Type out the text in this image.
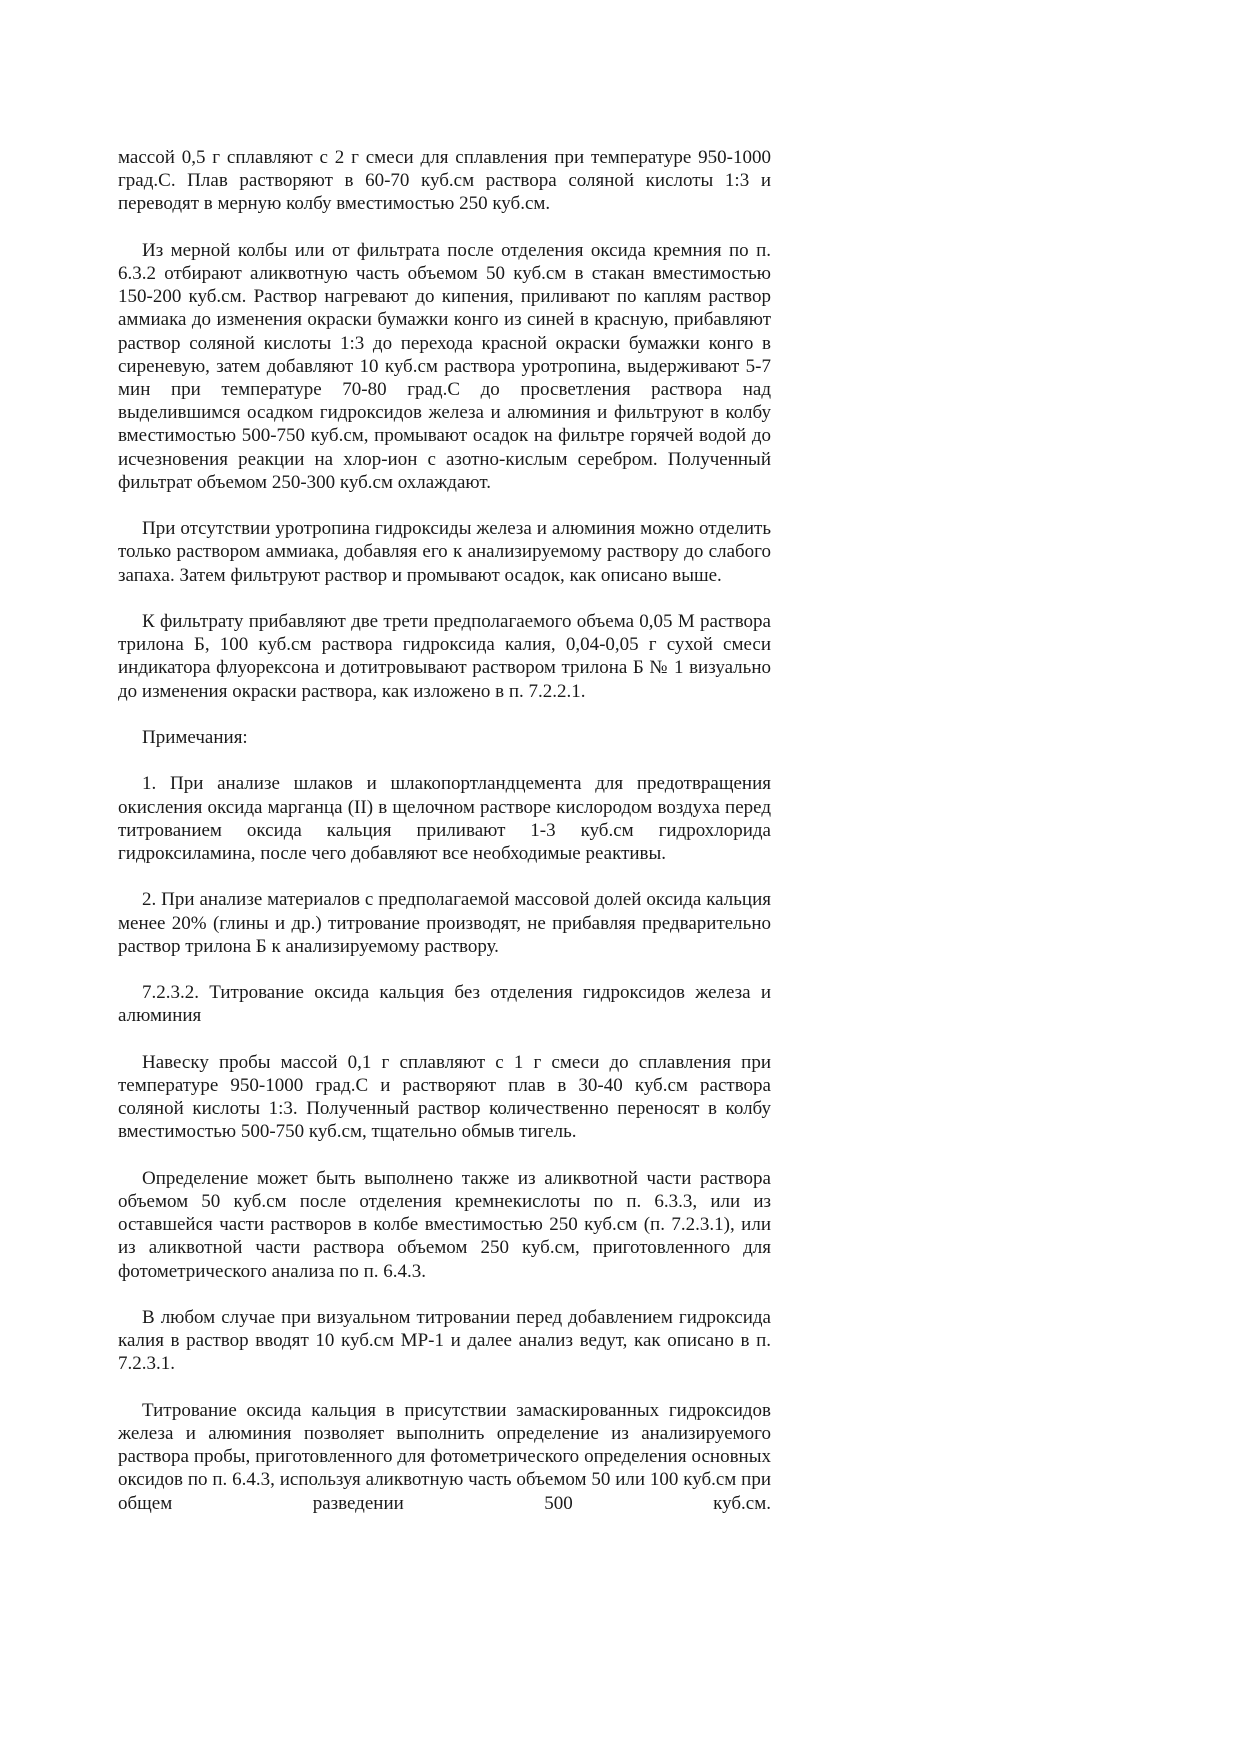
массой 0,5 г сплавляют с 2 г смеси для сплавления при температуре 950-1000 град.С. Плав растворяют в 60-70 куб.см раствора соляной кислоты 1:3 и переводят в мерную колбу вместимостью 250 куб.см.

Из мерной колбы или от фильтрата после отделения оксида кремния по п. 6.3.2 отбирают аликвотную часть объемом 50 куб.см в стакан вместимостью 150-200 куб.см. Раствор нагревают до кипения, приливают по каплям раствор аммиака до изменения окраски бумажки конго из синей в красную, прибавляют раствор соляной кислоты 1:3 до перехода красной окраски бумажки конго в сиреневую, затем добавляют 10 куб.см раствора уротропина, выдерживают 5-7 мин при температуре 70-80 град.С до просветления раствора над выделившимся осадком гидроксидов железа и алюминия и фильтруют в колбу вместимостью 500-750 куб.см, промывают осадок на фильтре горячей водой до исчезновения реакции на хлор-ион с азотно-кислым серебром. Полученный фильтрат объемом 250-300 куб.см охлаждают.

При отсутствии уротропина гидроксиды железа и алюминия можно отделить только раствором аммиака, добавляя его к анализируемому раствору до слабого запаха. Затем фильтруют раствор и промывают осадок, как описано выше.

К фильтрату прибавляют две трети предполагаемого объема 0,05 М раствора трилона Б, 100 куб.см раствора гидроксида калия, 0,04-0,05 г сухой смеси индикатора флуорексона и дотитровывают раствором трилона Б № 1 визуально до изменения окраски раствора, как изложено в п. 7.2.2.1.

Примечания:

1. При анализе шлаков и шлакопортландцемента для предотвращения окисления оксида марганца (II) в щелочном растворе кислородом воздуха перед титрованием оксида кальция приливают 1-3 куб.см гидрохлорида гидроксиламина, после чего добавляют все необходимые реактивы.

2. При анализе материалов с предполагаемой массовой долей оксида кальция менее 20% (глины и др.) титрование производят, не прибавляя предварительно раствор трилона Б к анализируемому раствору.

7.2.3.2. Титрование оксида кальция без отделения гидроксидов железа и алюминия

Навеску пробы массой 0,1 г сплавляют с 1 г смеси до сплавления при температуре 950-1000 град.С и растворяют плав в 30-40 куб.см раствора соляной кислоты 1:3. Полученный раствор количественно переносят в колбу вместимостью 500-750 куб.см, тщательно обмыв тигель.

Определение может быть выполнено также из аликвотной части раствора объемом 50 куб.см после отделения кремнекислоты по п. 6.3.3, или из оставшейся части растворов в колбе вместимостью 250 куб.см (п. 7.2.3.1), или из аликвотной части раствора объемом 250 куб.см, приготовленного для фотометрического анализа по п. 6.4.3.

В любом случае при визуальном титровании перед добавлением гидроксида калия в раствор вводят 10 куб.см МР-1 и далее анализ ведут, как описано в п. 7.2.3.1.

Титрование оксида кальция в присутствии замаскированных гидроксидов железа и алюминия позволяет выполнить определение из анализируемого раствора пробы, приготовленного для фотометрического определения основных оксидов по п. 6.4.3, используя аликвотную часть объемом 50 или 100 куб.см при общем разведении 500 куб.см.
